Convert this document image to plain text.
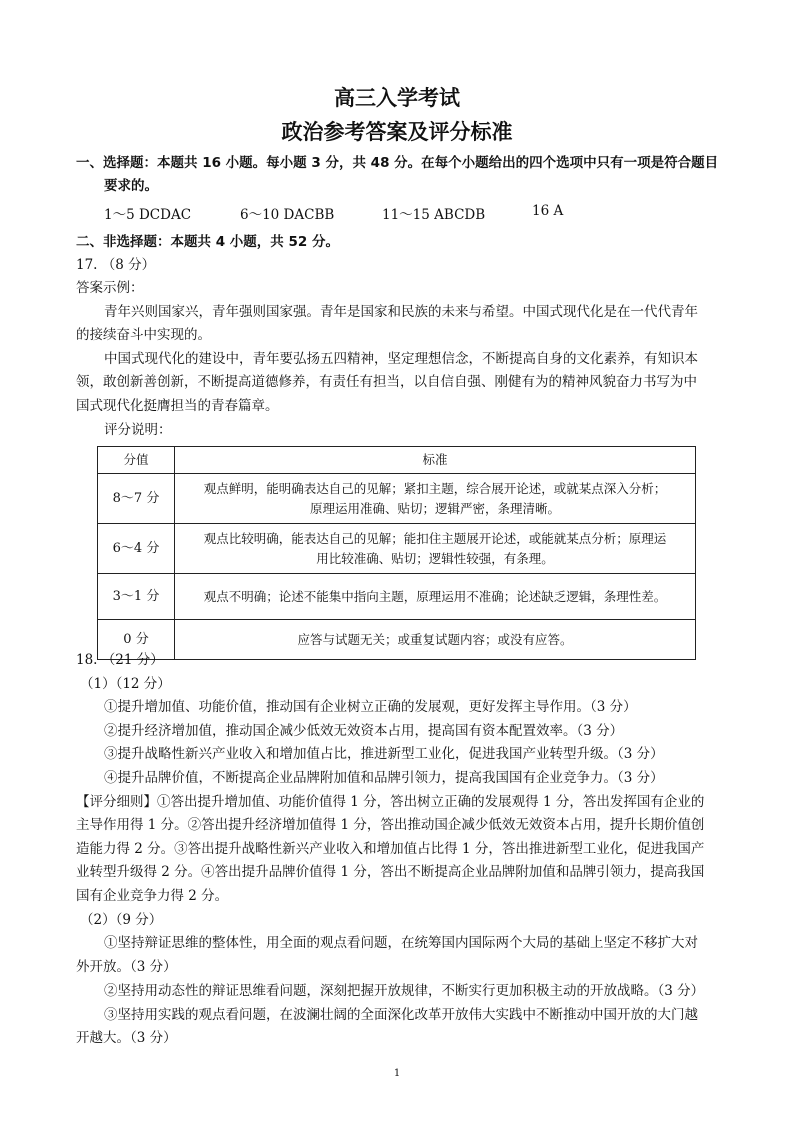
高三入学考试
政治参考答案及评分标准
一、选择题：本题共 16 小题。每小题 3 分，共 48 分。在每个小题给出的四个选项中只有一项是符合题目
要求的。
1～5 DCDAC	6～10 DACBB	11～15 ABCDB	16 A
二、非选择题：本题共 4 小题，共 52 分。
17. （8 分）
答案示例：
青年兴则国家兴，青年强则国家强。青年是国家和民族的未来与希望。中国式现代化是在一代代青年
的接续奋斗中实现的。
中国式现代化的建设中，青年要弘扬五四精神，坚定理想信念，不断提高自身的文化素养，有知识本
领，敢创新善创新，不断提高道德修养，有责任有担当，以自信自强、刚健有为的精神风貌奋力书写为中
国式现代化挺膺担当的青春篇章。
评分说明：
分值	标准
8～7 分	观点鲜明，能明确表达自己的见解；紧扣主题，综合展开论述，或就某点深入分析；
原理运用准确、贴切；逻辑严密，条理清晰。

6～4 分	观点比较明确，能表达自己的见解；能扣住主题展开论述，或能就某点分析；原理运
用比较准确、贴切；逻辑性较强，有条理。

3～1 分	观点不明确；论述不能集中指向主题，原理运用不准确；论述缺乏逻辑，条理性差。
0 分	应答与试题无关；或重复试题内容；或没有应答。
18. （21 分）
（1）（12 分）
①提升增加值、功能价值，推动国有企业树立正确的发展观，更好发挥主导作用。（3 分）
②提升经济增加值，推动国企减少低效无效资本占用，提高国有资本配置效率。（3 分）
③提升战略性新兴产业收入和增加值占比，推进新型工业化，促进我国产业转型升级。（3 分）
④提升品牌价值，不断提高企业品牌附加值和品牌引领力，提高我国国有企业竞争力。（3 分）
【评分细则】①答出提升增加值、功能价值得 1 分，答出树立正确的发展观得 1 分，答出发挥国有企业的
主导作用得 1 分。②答出提升经济增加值得 1 分，答出推动国企减少低效无效资本占用，提升长期价值创
造能力得 2 分。③答出提升战略性新兴产业收入和增加值占比得 1 分，答出推进新型工业化，促进我国产
业转型升级得 2 分。④答出提升品牌价值得 1 分，答出不断提高企业品牌附加值和品牌引领力，提高我国
国有企业竞争力得 2 分。
（2）（9 分）
①坚持辩证思维的整体性，用全面的观点看问题，在统筹国内国际两个大局的基础上坚定不移扩大对
外开放。（3 分）
②坚持用动态性的辩证思维看问题，深刻把握开放规律，不断实行更加积极主动的开放战略。（3 分）
③坚持用实践的观点看问题，在波澜壮阔的全面深化改革开放伟大实践中不断推动中国开放的大门越
开越大。（3 分）
1
